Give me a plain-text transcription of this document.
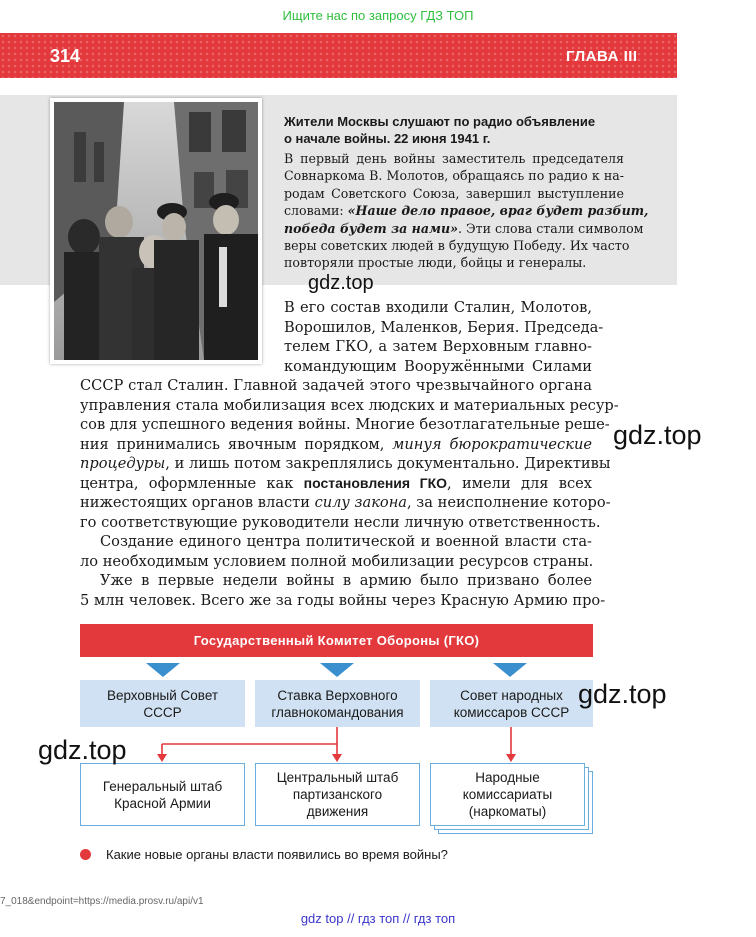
Ищите нас по запросу ГДЗ ТОП
314	ГЛАВА III
Жители Москвы слушают по радио объявление
о начале войны. 22 июня 1941 г.
В первый день войны заместитель председателя
Совнаркома В. Молотов, обращаясь по радио к на-
родам Советского Союза, завершил выступление
словами: «Наше дело правое, враг будет разбит,
победа будет за нами». Эти слова стали символом
веры советских людей в будущую Победу. Их часто
повторяли простые люди, бойцы и генералы.
gdz.top
В его состав входили Сталин, Молотов,
Ворошилов, Маленков, Берия. Председа-
телем ГКО, а затем Верховным главно-
командующим Вооружёнными Силами
СССР стал Сталин. Главной задачей этого чрезвычайного органа
управления стала мобилизация всех людских и материальных ресур-
сов для успешного ведения войны. Многие безотлагательные решe-
ния принимались явочным порядком, минуя бюрократические
процедуры, и лишь потом закреплялись документально. Директивы
центра, оформленные как постановления ГКО, имели для всех
нижестоящих органов власти силу закона, за неисполнение которо-
го соответствующие руководители несли личную ответственность.
Создание единого центра политической и военной власти ста-
ло необходимым условием полной мобилизации ресурсов страны.
Уже в первые недели войны в армию было призвано более
5 млн человек. Всего же за годы войны через Красную Армию про-
gdz.top
Государственный Комитет Обороны (ГКО)
Верховный Совет
СССР
Ставка Верховного
главнокомандования
Совет народных
комиссаров СССР
Генеральный штаб
Красной Армии
Центральный штаб
партизанского
движения
Народные
комиссариаты
(наркоматы)
gdz.top
gdz.top
Какие новые органы власти появились во время войны?
7_018&endpoint=https://media.prosv.ru/api/v1
gdz top // гдз топ // гдз топ
